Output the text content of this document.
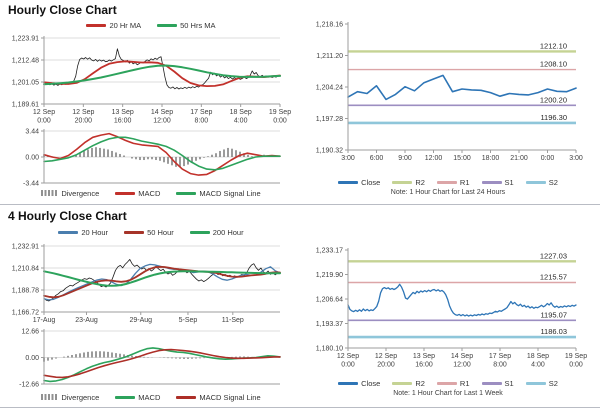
Hourly Close Chart
20 Hr MA	50 Hrs MA
1,223.91
1,212.48
1,201.05
1,189.61
12 Sep
0:00
12 Sep
20:00
13 Sep
16:00
14 Sep
12:00
17 Sep
8:00
18 Sep
4:00
19 Sep
0:00
3.44
0.00
-3.44
Divergence	MACD	MACD Signal Line
1,218.16
1,211.20
1,204.24
1,197.28
1,190.32
3:00 6:00 9:00 12:00 15:00 18:00 21:00 0:00 3:00
1212.10
1208.10
1200.20
1196.30
Close	R2	R1	S1	S2
Note: 1 Hour Chart for Last 24 Hours
4 Hourly Close Chart
20 Hour	50 Hour	200 Hour
1,232.91
1,210.84
1,188.78
1,166.72
17-Aug	23-Aug	29-Aug	5-Sep	11-Sep
12.66
0.00
-12.66
Divergence	MACD	MACD Signal Line
1,233.17
1,219.90
1,206.64
1,193.37
1,180.10
12 Sep
0:00
12 Sep
20:00
13 Sep
16:00
14 Sep
12:00
17 Sep
8:00
18 Sep
4:00
19 Sep
0:00
1227.03
1215.57
1195.07
1186.03
Close	R2	R1	S1	S2
Note: 1 Hour Chart for Last 1 Week
